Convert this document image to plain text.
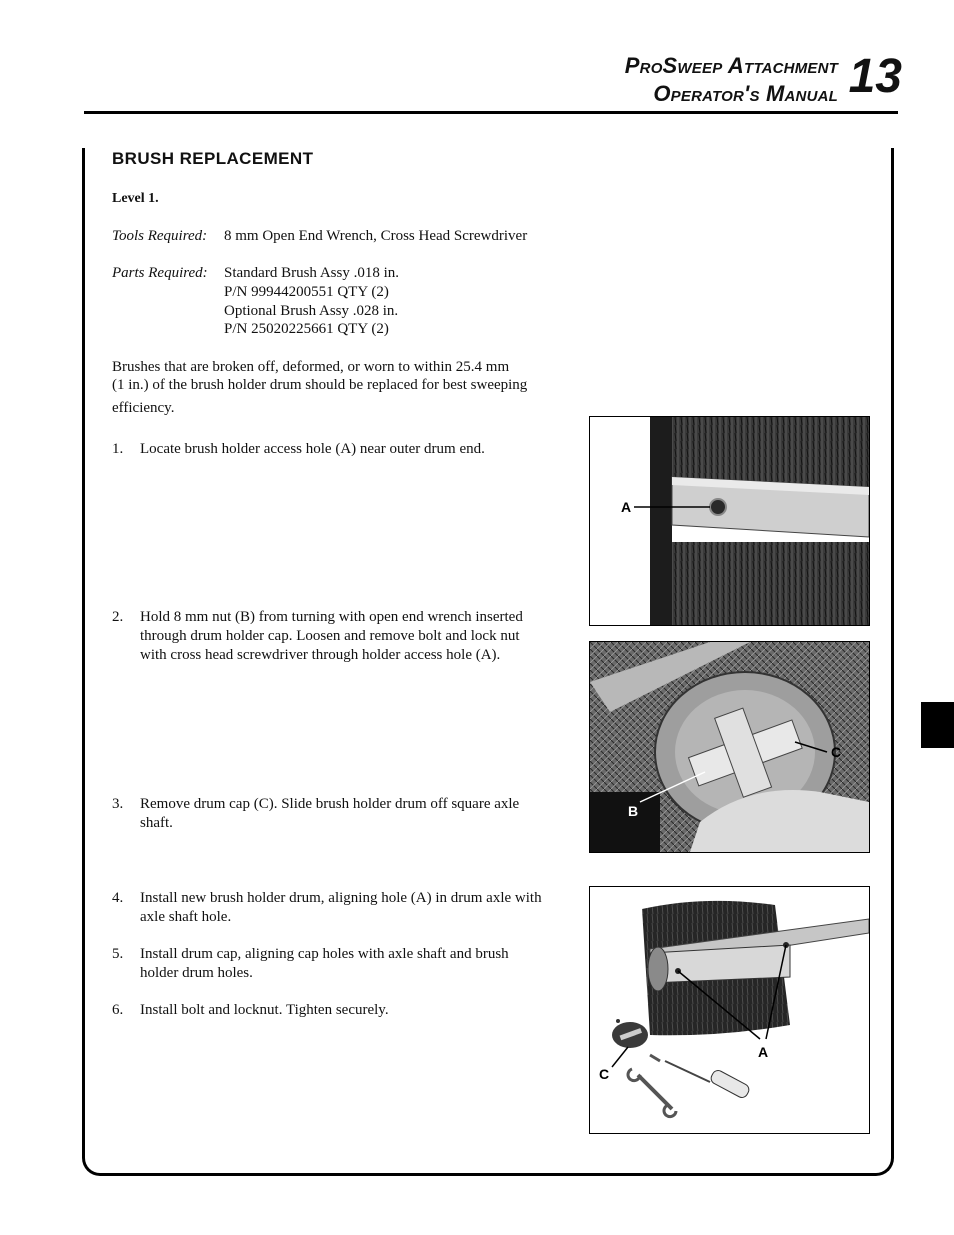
ProSweep Attachment
Operator's Manual 13
BRUSH REPLACEMENT
Level 1.
Tools Required: 8 mm Open End Wrench, Cross Head Screwdriver
Parts Required: Standard Brush Assy .018 in.
P/N 99944200551 QTY (2)
Optional Brush Assy .028 in.
P/N 25020225661 QTY (2)
Brushes that are broken off, deformed, or worn to within 25.4 mm
(1 in.) of the brush holder drum should be replaced for best sweeping
efficiency.
1.	Locate brush holder access hole (A) near outer drum end.
2.	Hold 8 mm nut (B) from turning with open end wrench inserted
through drum holder cap. Loosen and remove bolt and lock nut
with cross head screwdriver through holder access hole (A).
3.	Remove drum cap (C). Slide brush holder drum off square axle
shaft.
4.	Install new brush holder drum, aligning hole (A) in drum axle with
axle shaft hole.
5.	Install drum cap, aligning cap holes with axle shaft and brush
holder drum holes.
6.	Install bolt and locknut. Tighten securely.
A
C
B
A
C
